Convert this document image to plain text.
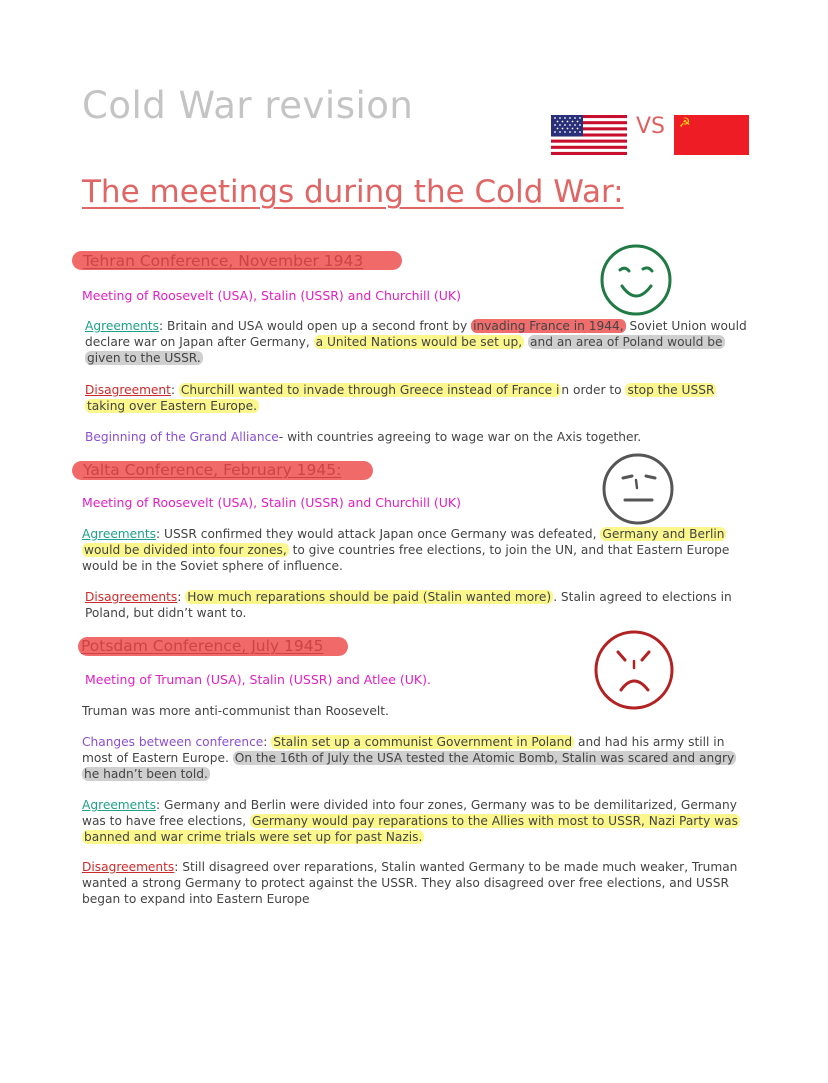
Cold War revision	VS ☭
The meetings during the Cold War:
Tehran Conference, November 1943
Meeting of Roosevelt (USA), Stalin (USSR) and Churchill (UK)
Agreements: Britain and USA would open up a second front by invading France in 1944, Soviet Union would declare war on Japan after Germany, a United Nations would be set up, and an area of Poland would be given to the USSR.
Disagreement: Churchill wanted to invade through Greece instead of France i n order to stop the USSR taking over Eastern Europe.
Beginning of the Grand Alliance- with countries agreeing to wage war on the Axis together.
Yalta Conference, February 1945:
Meeting of Roosevelt (USA), Stalin (USSR) and Churchill (UK)
Agreements: USSR confirmed they would attack Japan once Germany was defeated, Germany and Berlin would be divided into four zones, to give countries free elections, to join the UN, and that Eastern Europe would be in the Soviet sphere of influence.
Disagreements: How much reparations should be paid (Stalin wanted more) . Stalin agreed to elections in Poland, but didn’t want to.
Potsdam Conference, July 1945
Meeting of Truman (USA), Stalin (USSR) and Atlee (UK).
Truman was more anti-communist than Roosevelt.
Changes between conference: Stalin set up a communist Government in Poland and had his army still in most of Eastern Europe. On the 16th of July the USA tested the Atomic Bomb, Stalin was scared and angry he hadn’t been told.
Agreements: Germany and Berlin were divided into four zones, Germany was to be demilitarized, Germany was to have free elections, Germany would pay reparations to the Allies with most to USSR, Nazi Party was banned and war crime trials were set up for past Nazis.
Disagreements: Still disagreed over reparations, Stalin wanted Germany to be made much weaker, Truman wanted a strong Germany to protect against the USSR. They also disagreed over free elections, and USSR began to expand into Eastern Europe
